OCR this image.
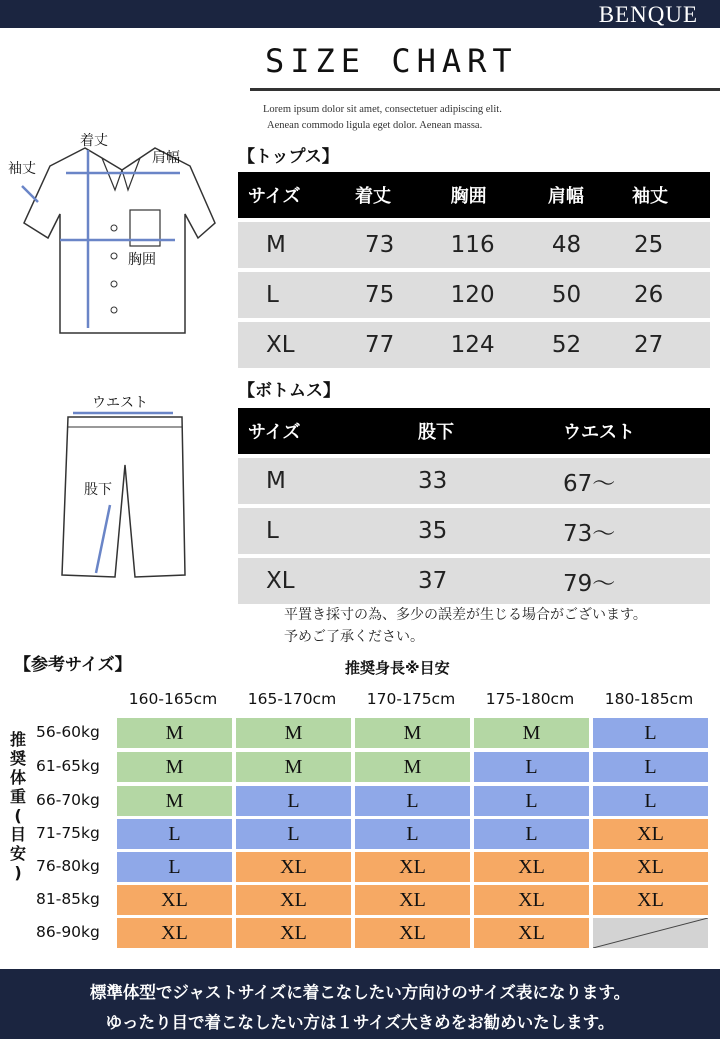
BENQUE
SIZE CHART
Lorem ipsum dolor sit amet, consectetuer adipiscing elit.
Aenean commodo ligula eget dolor. Aenean massa.
着丈
袖丈
肩幅
胸囲
ウエスト
股下
【トップス】
サイズ	着丈	胸囲	肩幅	袖丈

M	73	116	48	25

L	75	120	50	26

XL	77	124	52	27
【ボトムス】
サイズ	股下	ウエスト

M	33	67〜

L	35	73〜

XL	37	79〜
平置き採寸の為、多少の誤差が生じる場合がございます。
予めご了承ください。
【参考サイズ】	推奨身長※目安
160-165cm	165-170cm	170-175cm	175-180cm	180-185cm
推
奨
体
重
(
目
安
)
56-60kg	M	M	M	M	L
61-65kg	M	M	M	L	L
66-70kg	M	L	L	L	L
71-75kg	L	L	L	L	XL
76-80kg	L	XL	XL	XL	XL
81-85kg	XL	XL	XL	XL	XL
86-90kg	XL	XL	XL	XL
標準体型でジャストサイズに着こなしたい方向けのサイズ表になります。
ゆったり目で着こなしたい方は１サイズ大きめをお勧めいたします。
